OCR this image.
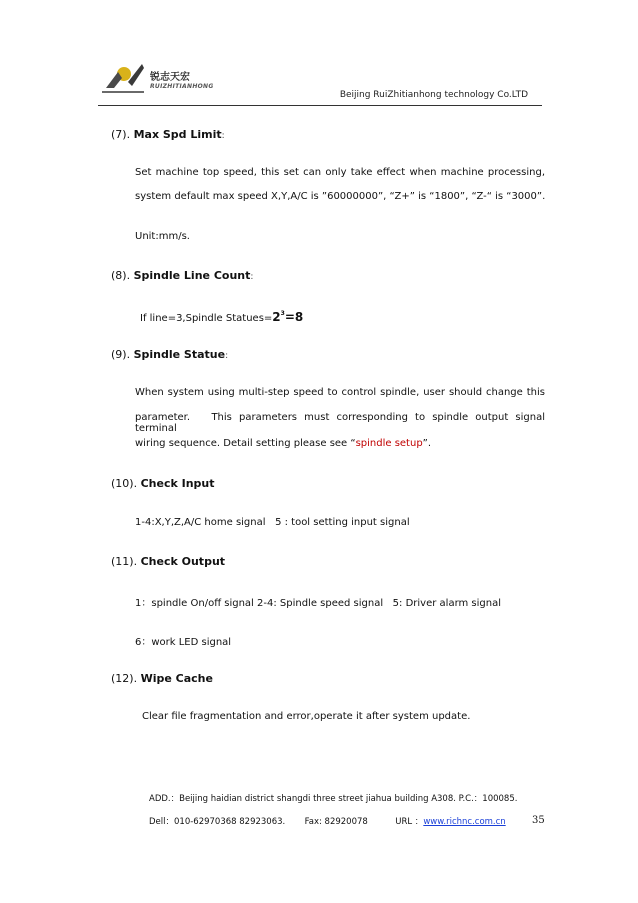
锐志天宏
RUIZHITIANHONG
Beijing RuiZhitianhong technology Co.LTD
(7). Max Spd Limit:
Set machine top speed, this set can only take effect when machine processing,
system default max speed X,Y,A/C is ”60000000”, “Z+” is “1800”, “Z-“ is “3000”.
Unit:mm/s.
(8). Spindle Line Count:
If line=3,Spindle $Statues=2^3=8$
(9). Spindle Statue:
When system using multi-step speed to control spindle, user should change this
parameter.   This parameters must corresponding to spindle output signal terminal
wiring sequence. Detail setting please see “spindle setup”.
(10). Check Input
1-4:X,Y,Z,A/C home signal   5 : tool setting input signal
(11). Check Output
1：spindle On/off signal 2-4: Spindle speed signal   5: Driver alarm signal
6：work LED signal
(12). Wipe Cache
Clear file fragmentation and error,operate it after system update.
ADD.：Beijing haidian district shangdi three street jiahua building A308. P.C.：100085.
Dell：010-62970368 82923063. Fax: 82920078	URL ：www.richnc.com.cn	35
